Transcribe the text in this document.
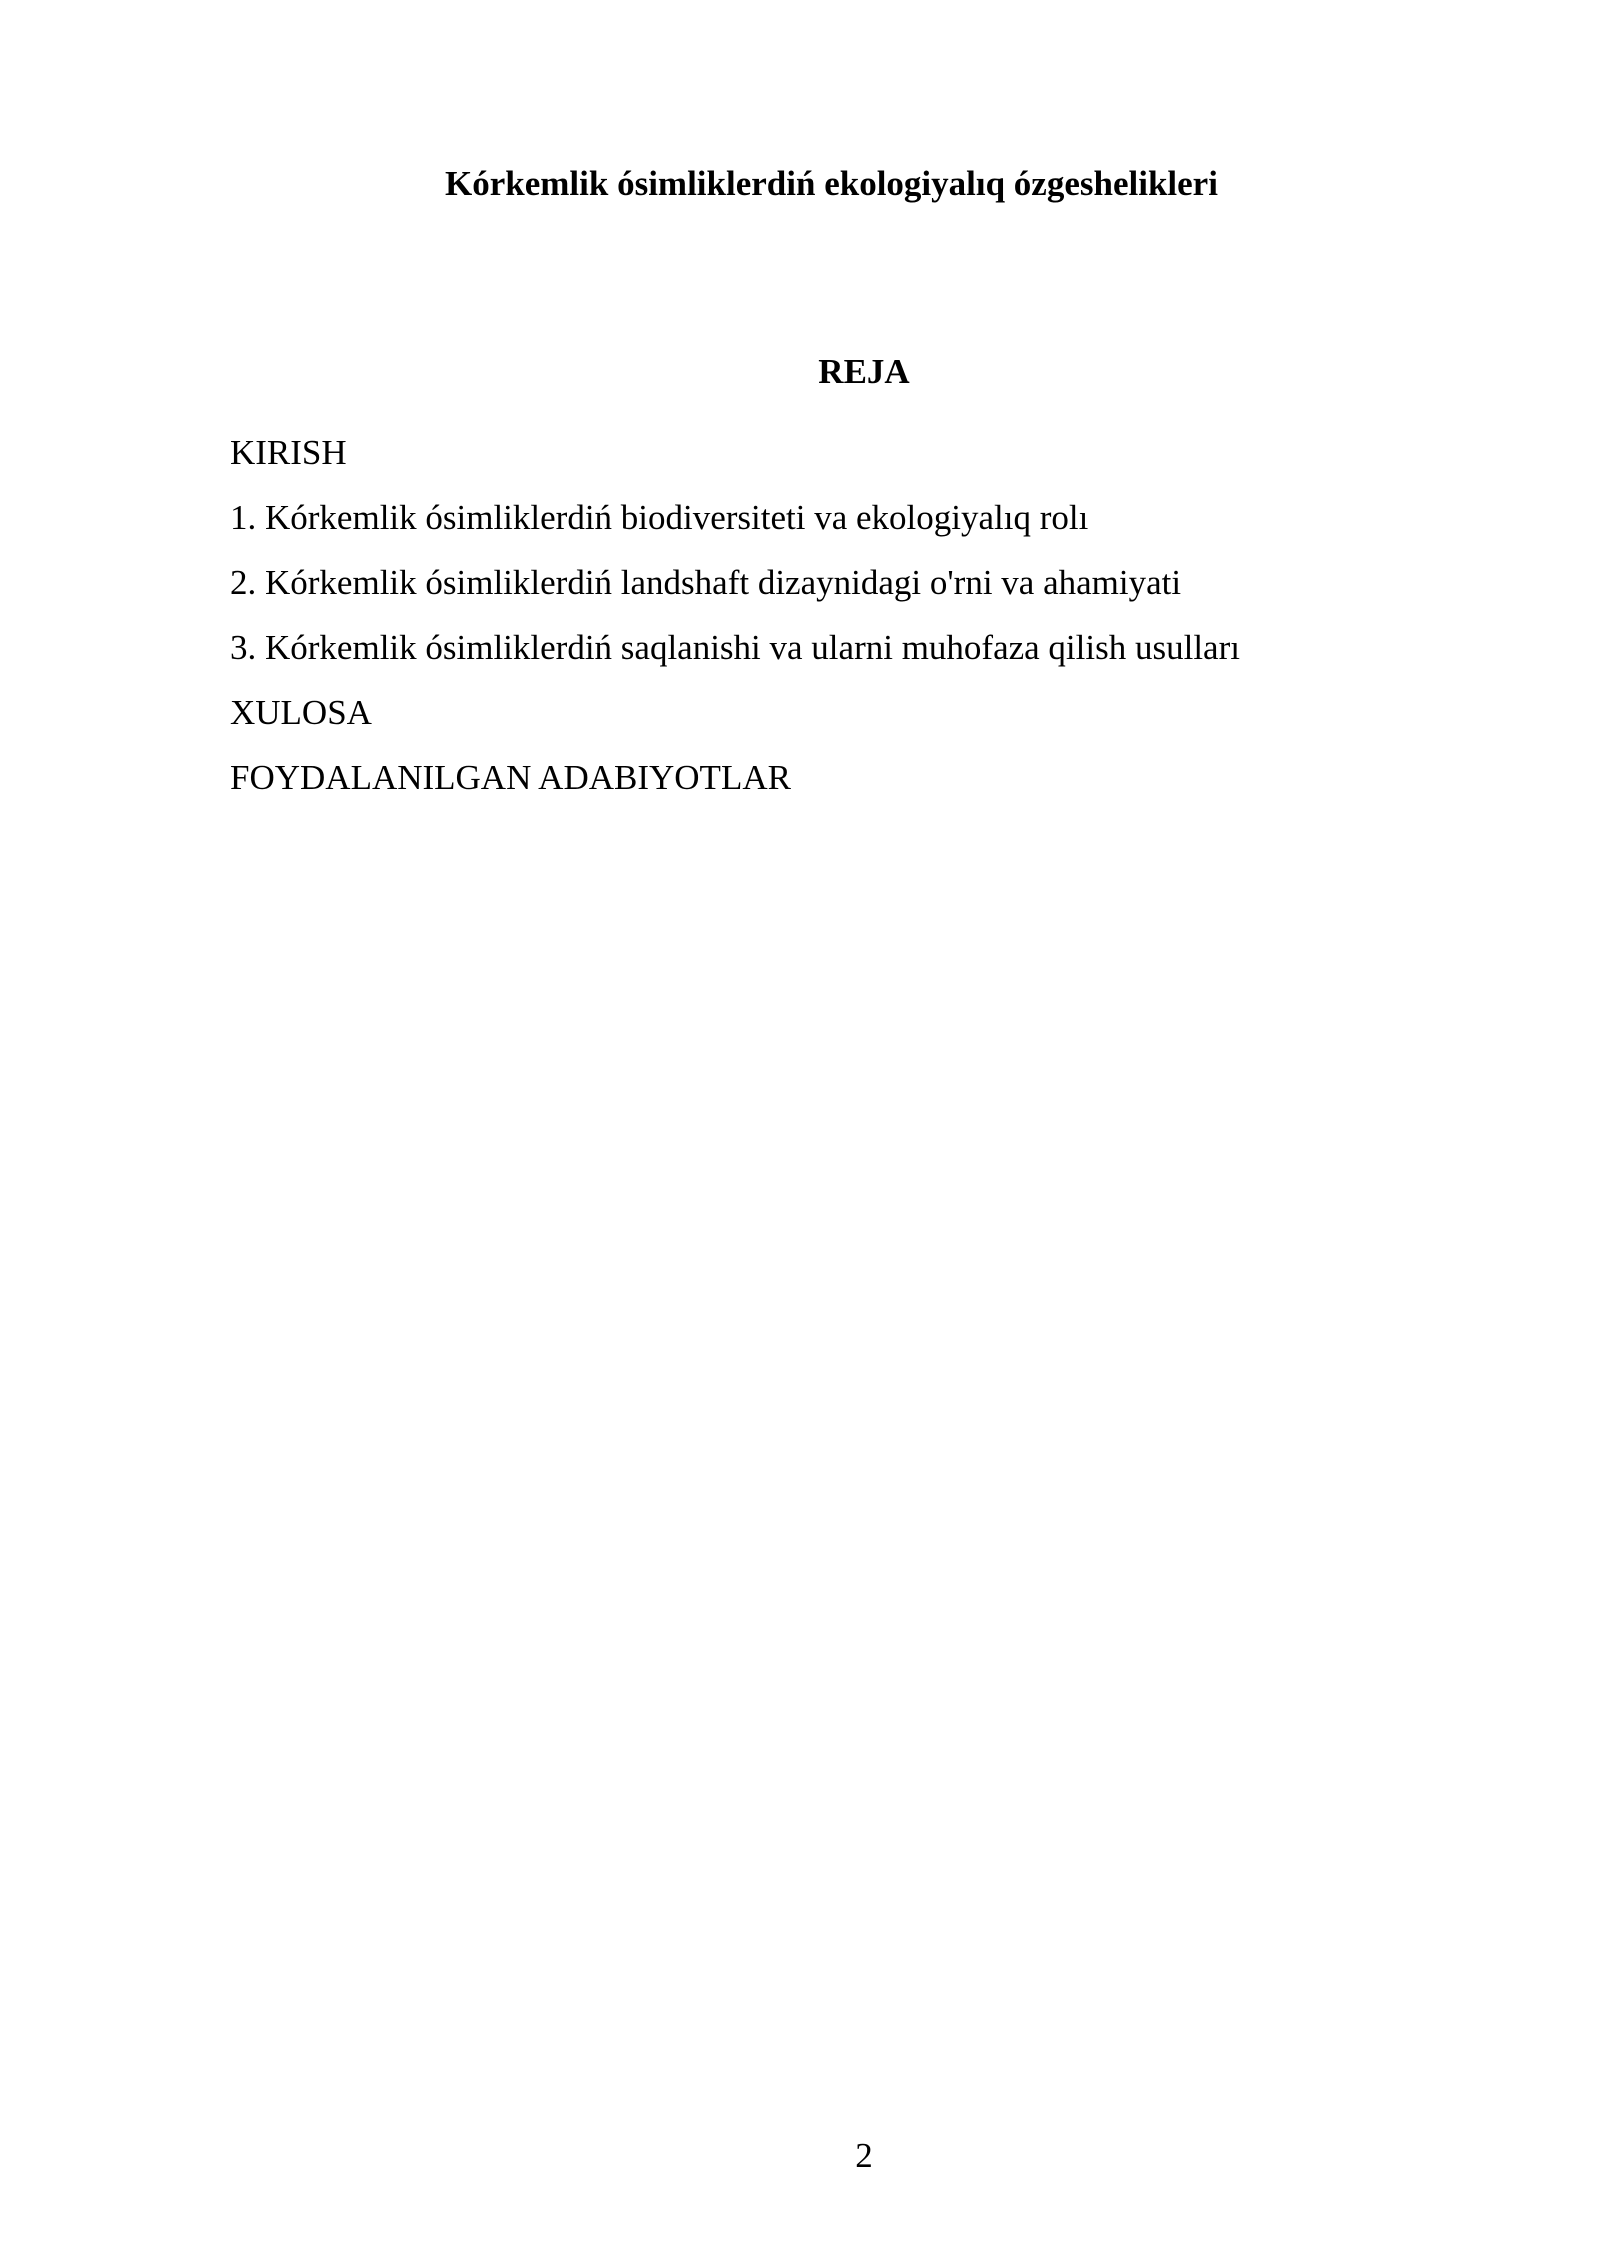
Kórkemlik ósimliklerdiń ekologiyalıq ózgeshelikleri
REJA
KIRISH
1. Kórkemlik ósimliklerdiń biodiversiteti va ekologiyalıq rolı
2. Kórkemlik ósimliklerdiń landshaft dizaynidagi o'rni va ahamiyati
3. Kórkemlik ósimliklerdiń saqlanishi va ularni muhofaza qilish usulları
XULOSA
FOYDALANILGAN ADABIYOTLAR
2
